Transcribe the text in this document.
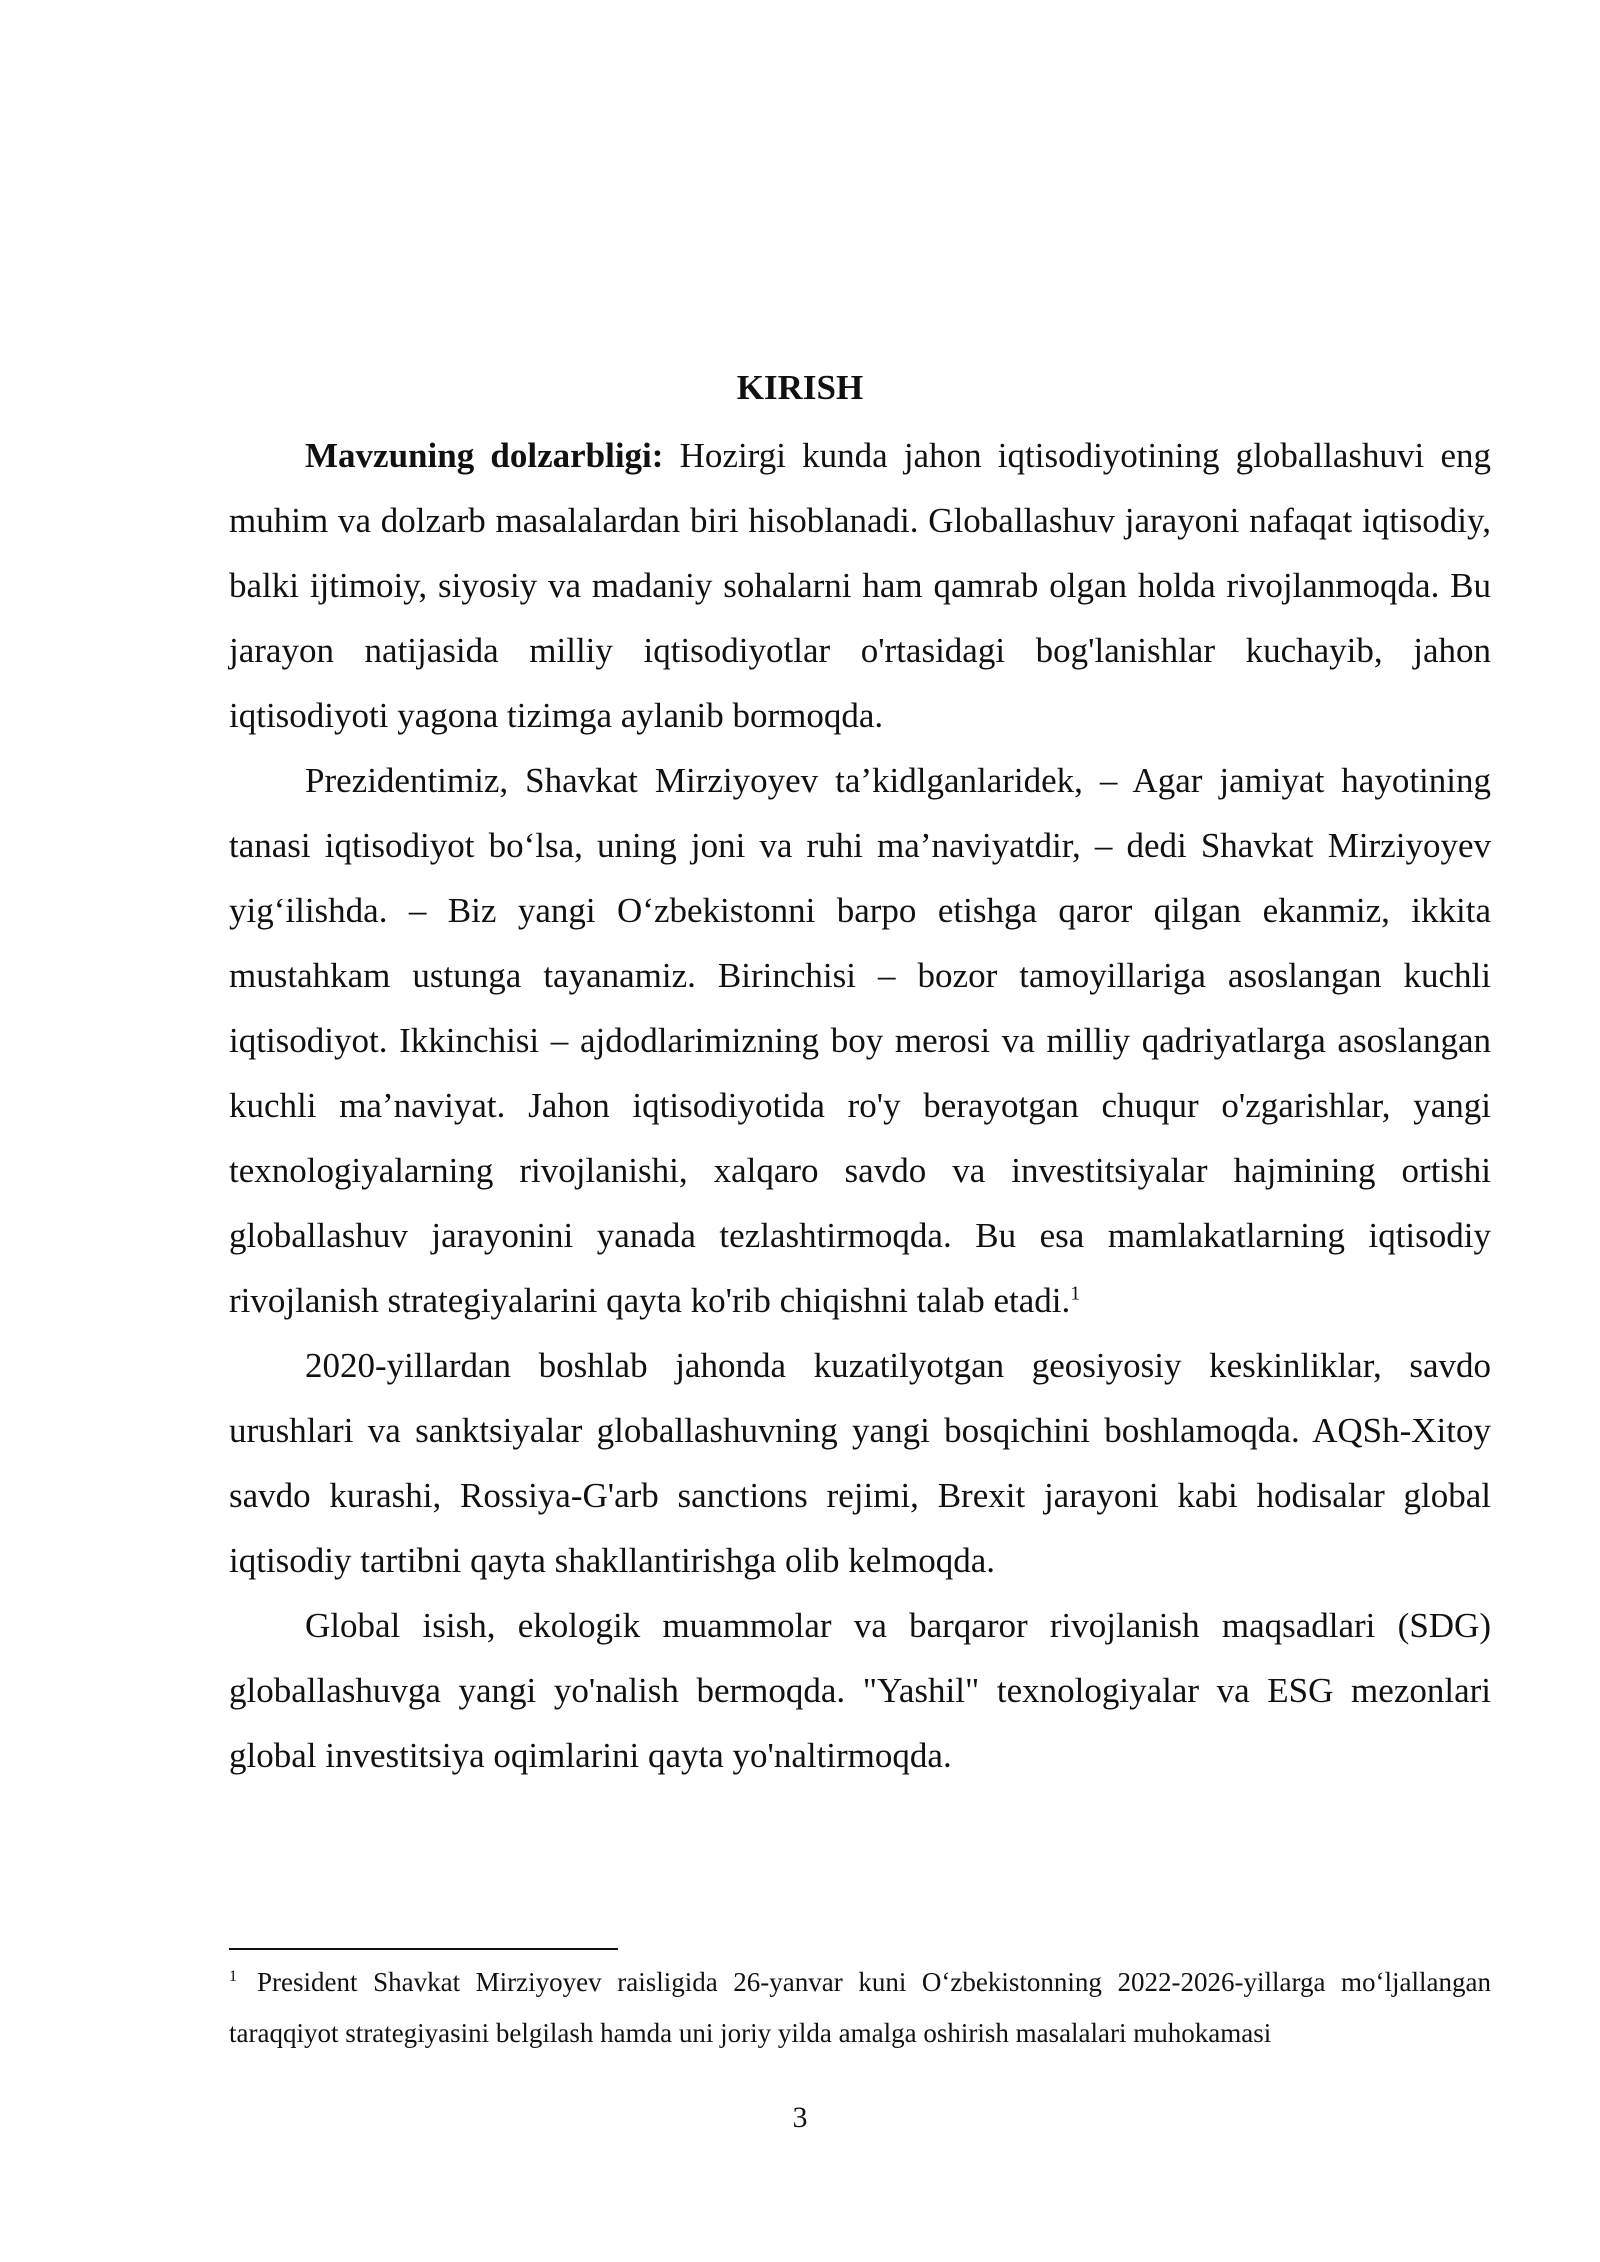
KIRISH

Mavzuning dolzarbligi: Hozirgi kunda jahon iqtisodiyotining globallashuvi eng muhim va dolzarb masalalardan biri hisoblanadi. Globallashuv jarayoni nafaqat iqtisodiy, balki ijtimoiy, siyosiy va madaniy sohalarni ham qamrab olgan holda rivojlanmoqda. Bu jarayon natijasida milliy iqtisodiyotlar o'rtasidagi bog'lanishlar kuchayib, jahon iqtisodiyoti yagona tizimga aylanib bormoqda.

Prezidentimiz, Shavkat Mirziyoyev ta’kidlganlaridek, – Agar jamiyat hayotining tanasi iqtisodiyot bo‘lsa, uning joni va ruhi ma’naviyatdir, – dedi Shavkat Mirziyoyev yig‘ilishda. – Biz yangi O‘zbekistonni barpo etishga qaror qilgan ekanmiz, ikkita mustahkam ustunga tayanamiz. Birinchisi – bozor tamoyillariga asoslangan kuchli iqtisodiyot. Ikkinchisi – ajdodlarimizning boy merosi va milliy qadriyatlarga asoslangan kuchli ma’naviyat. Jahon iqtisodiyotida ro'y berayotgan chuqur o'zgarishlar, yangi texnologiyalarning rivojlanishi, xalqaro savdo va investitsiyalar hajmining ortishi globallashuv jarayonini yanada tezlashtirmoqda. Bu esa mamlakatlarning iqtisodiy rivojlanish strategiyalarini qayta ko'rib chiqishni talab etadi.$^1$

2020-yillardan boshlab jahonda kuzatilyotgan geosiyosiy keskinliklar, savdo urushlari va sanktsiyalar globallashuvning yangi bosqichini boshlamoqda. AQSh-Xitoy savdo kurashi, Rossiya-G'arb sanctions rejimi, Brexit jarayoni kabi hodisalar global iqtisodiy tartibni qayta shakllantirishga olib kelmoqda.

Global isish, ekologik muammolar va barqaror rivojlanish maqsadlari (SDG) globallashuvga yangi yo'nalish bermoqda. "Yashil" texnologiyalar va ESG mezonlari global investitsiya oqimlarini qayta yo'naltirmoqda.

$^1$ President Shavkat Mirziyoyev raisligida 26-yanvar kuni O‘zbekistonning 2022-2026-yillarga mo‘ljallangan taraqqiyot strategiyasini belgilash hamda uni joriy yilda amalga oshirish masalalari muhokamasi

3
